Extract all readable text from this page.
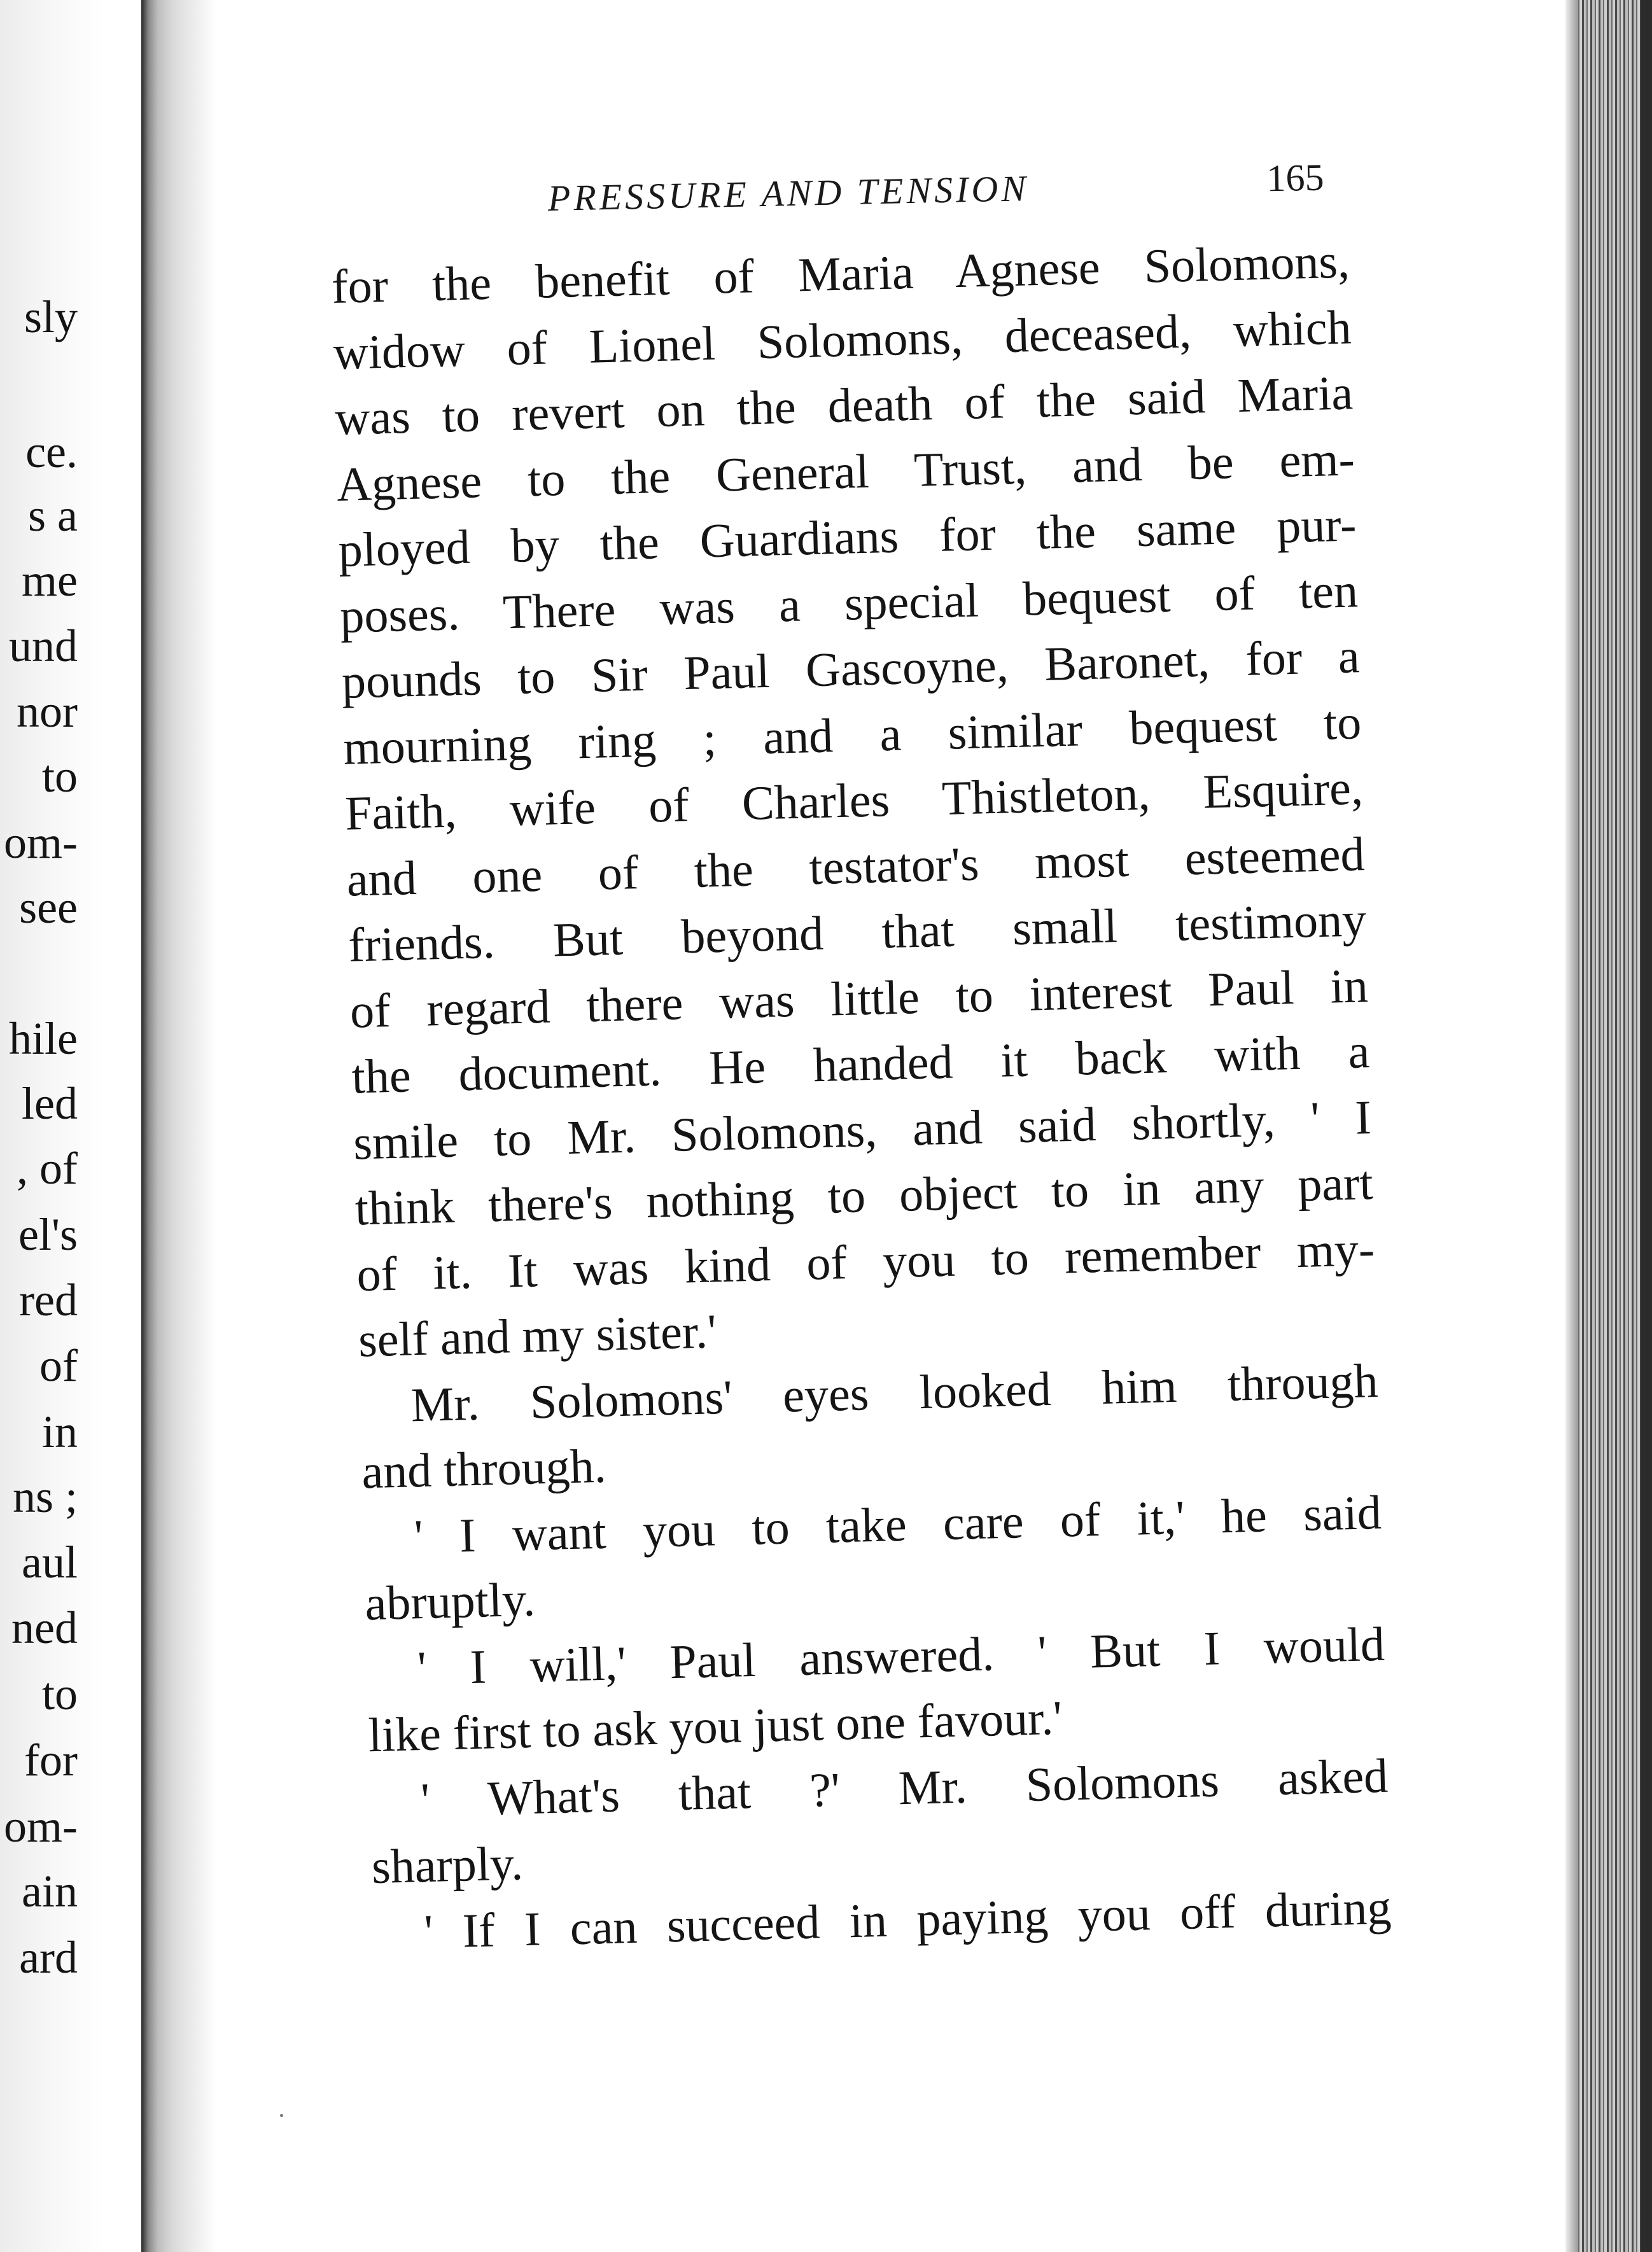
sly
ce.
s a
me
und
nor
to
om-
see
hile
led
, of
el's
red
of
in
ns ;
aul
ned
to
for
om-
ain
ard
PRESSURE AND TENSION	165
for the benefit of Maria Agnese Solomons,
widow of Lionel Solomons, deceased, which
was to revert on the death of the said Maria
Agnese to the General Trust, and be em-
ployed by the Guardians for the same pur-
poses. There was a special bequest of ten
pounds to Sir Paul Gascoyne, Baronet, for a
mourning ring ; and a similar bequest to
Faith, wife of Charles Thistleton, Esquire,
and one of the testator's most esteemed
friends. But beyond that small testimony
of regard there was little to interest Paul in
the document. He handed it back with a
smile to Mr. Solomons, and said shortly, ' I
think there's nothing to object to in any part
of it. It was kind of you to remember my-
self and my sister.'
Mr. Solomons' eyes looked him through
and through.
' I want you to take care of it,' he said
abruptly.
' I will,' Paul answered. ' But I would
like first to ask you just one favour.'
' What's that ?' Mr. Solomons asked
sharply.
' If I can succeed in paying you off during
